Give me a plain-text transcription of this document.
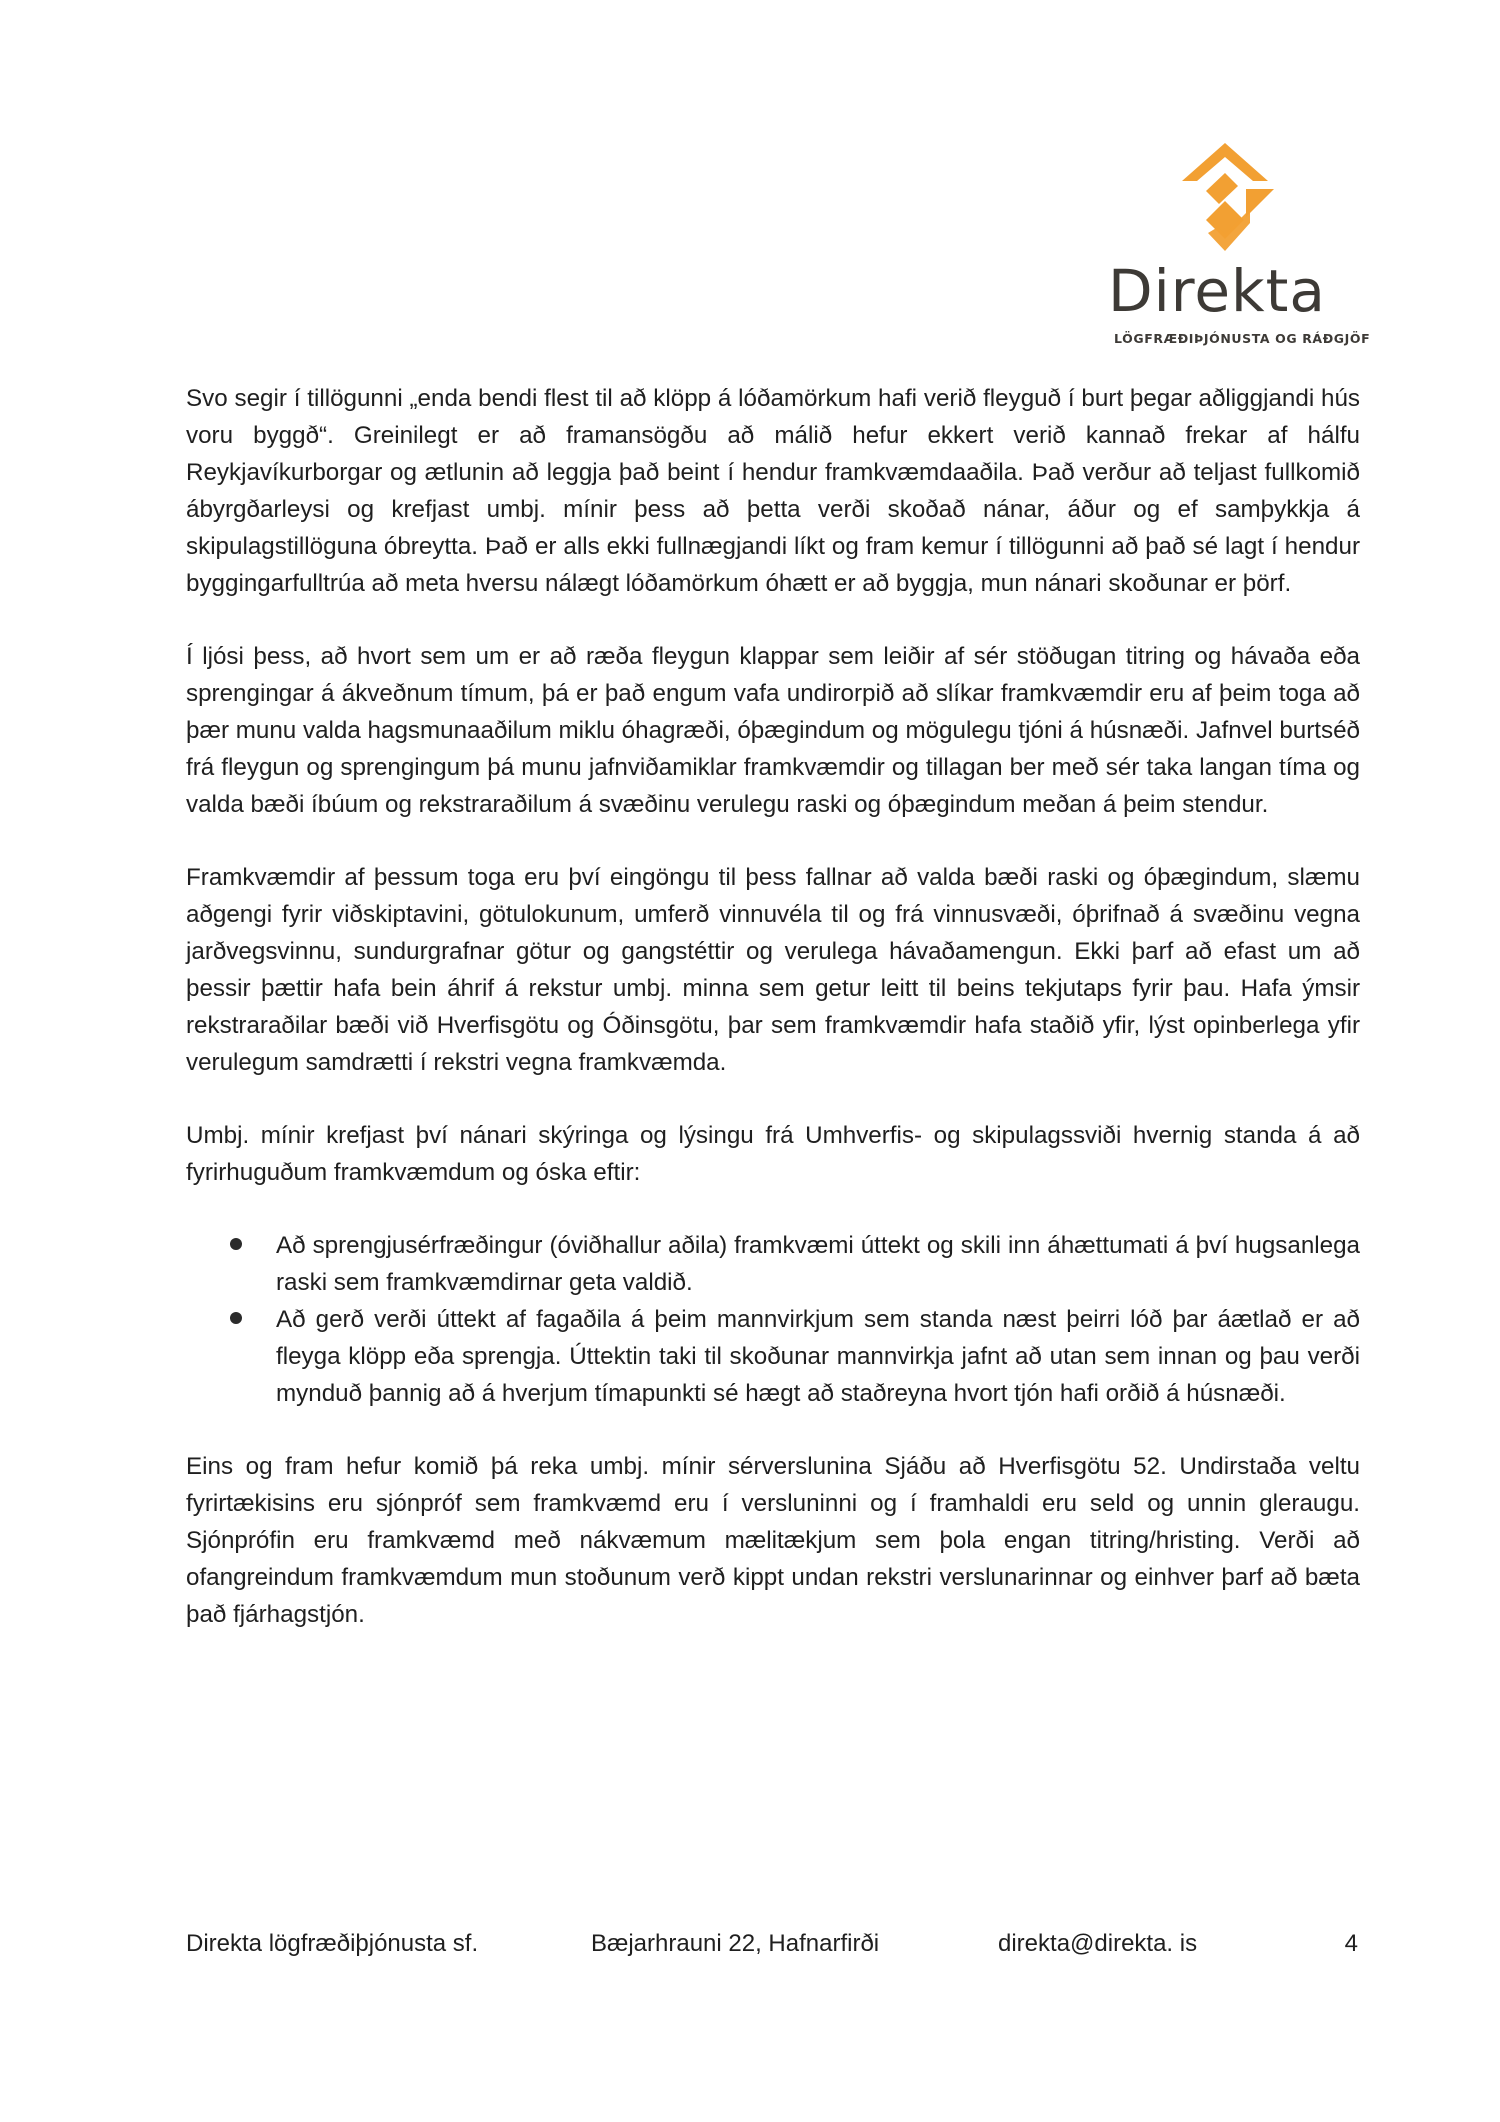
Direkta
LÖGFRÆÐIÞJÓNUSTA OG RÁÐGJÖF

Svo segir í tillögunni „enda bendi flest til að klöpp á lóðamörkum hafi verið fleyguð í burt þegar aðliggjandi hús voru byggð“. Greinilegt er að framansögðu að málið hefur ekkert verið kannað frekar af hálfu Reykjavíkurborgar og ætlunin að leggja það beint í hendur framkvæmdaaðila. Það verður að teljast fullkomið ábyrgðarleysi og krefjast umbj. mínir þess að þetta verði skoðað nánar, áður og ef samþykkja á skipulagstillöguna óbreytta. Það er alls ekki fullnægjandi líkt og fram kemur í tillögunni að það sé lagt í hendur byggingarfulltrúa að meta hversu nálægt lóðamörkum óhætt er að byggja, mun nánari skoðunar er þörf.

Í ljósi þess, að hvort sem um er að ræða fleygun klappar sem leiðir af sér stöðugan titring og hávaða eða sprengingar á ákveðnum tímum, þá er það engum vafa undirorpið að slíkar framkvæmdir eru af þeim toga að þær munu valda hagsmunaaðilum miklu óhagræði, óþægindum og mögulegu tjóni á húsnæði. Jafnvel burtséð frá fleygun og sprengingum þá munu jafnviðamiklar framkvæmdir og tillagan ber með sér taka langan tíma og valda bæði íbúum og rekstraraðilum á svæðinu verulegu raski og óþægindum meðan á þeim stendur.

Framkvæmdir af þessum toga eru því eingöngu til þess fallnar að valda bæði raski og óþægindum, slæmu aðgengi fyrir viðskiptavini, götulokunum, umferð vinnuvéla til og frá vinnusvæði, óþrifnað á svæðinu vegna jarðvegsvinnu, sundurgrafnar götur og gangstéttir og verulega hávaðamengun. Ekki þarf að efast um að þessir þættir hafa bein áhrif á rekstur umbj. minna sem getur leitt til beins tekjutaps fyrir þau. Hafa ýmsir rekstraraðilar bæði við Hverfisgötu og Óðinsgötu, þar sem framkvæmdir hafa staðið yfir, lýst opinberlega yfir verulegum samdrætti í rekstri vegna framkvæmda.

Umbj. mínir krefjast því nánari skýringa og lýsingu frá Umhverfis- og skipulagssviði hvernig standa á að fyrirhuguðum framkvæmdum og óska eftir:

Að sprengjusérfræðingur (óviðhallur aðila) framkvæmi úttekt og skili inn áhættumati á því hugsanlega raski sem framkvæmdirnar geta valdið.
Að gerð verði úttekt af fagaðila á þeim mannvirkjum sem standa næst þeirri lóð þar áætlað er að fleyga klöpp eða sprengja. Úttektin taki til skoðunar mannvirkja jafnt að utan sem innan og þau verði mynduð þannig að á hverjum tímapunkti sé hægt að staðreyna hvort tjón hafi orðið á húsnæði.

Eins og fram hefur komið þá reka umbj. mínir sérverslunina Sjáðu að Hverfisgötu 52. Undirstaða veltu fyrirtækisins eru sjónpróf sem framkvæmd eru í versluninni og í framhaldi eru seld og unnin gleraugu. Sjónprófin eru framkvæmd með nákvæmum mælitækjum sem þola engan titring/hristing. Verði að ofangreindum framkvæmdum mun stoðunum verð kippt undan rekstri verslunarinnar og einhver þarf að bæta það fjárhagstjón.

Direkta lögfræðiþjónusta sf.	Bæjarhrauni 22, Hafnarfirði	direkta@direkta. is	4
